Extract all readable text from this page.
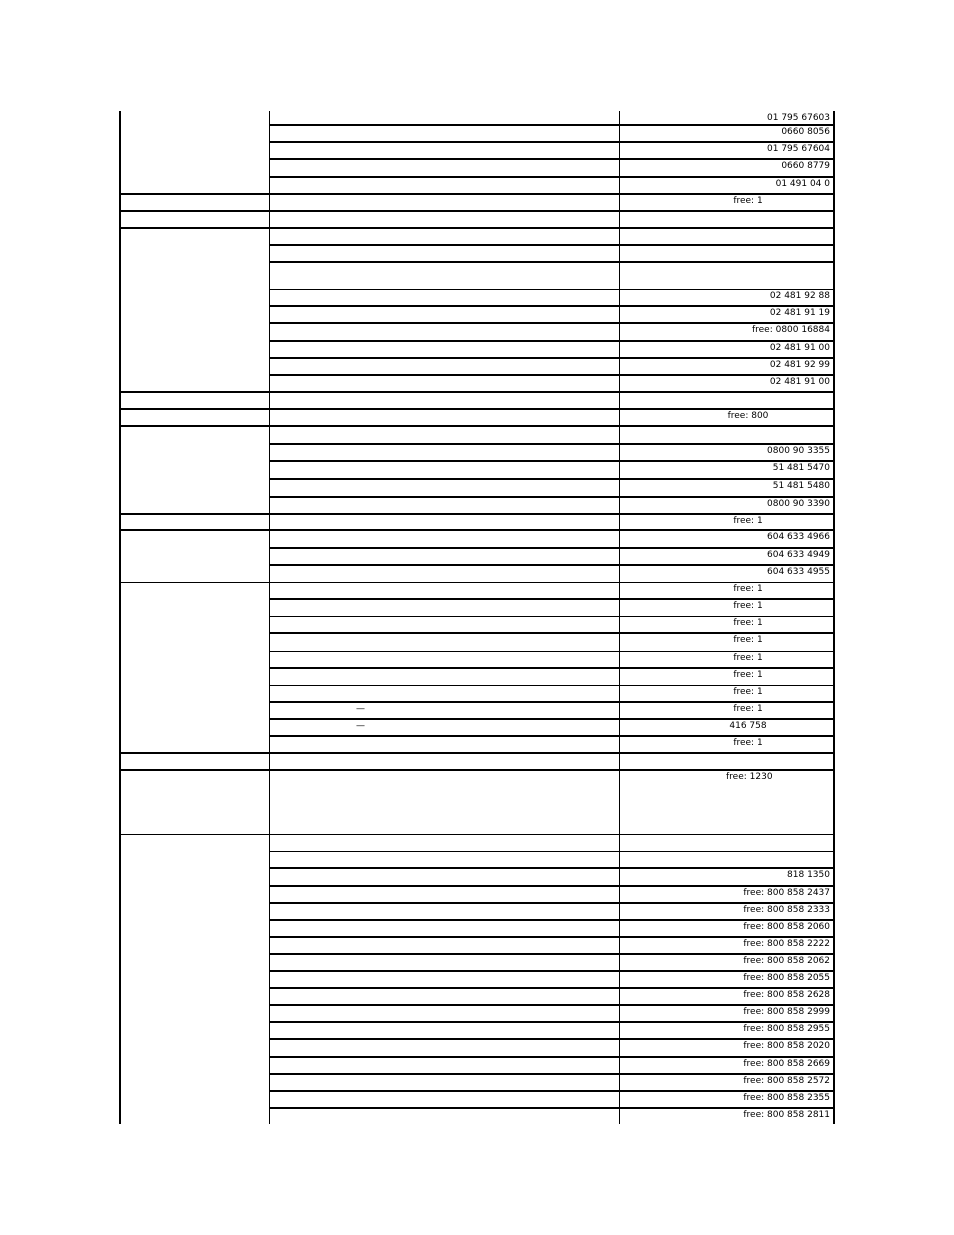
01 795 67603
0660 8056
01 795 67604
0660 8779
01 491 04 0
free: 1
02 481 92 88
02 481 91 19
free: 0800 16884
02 481 91 00
02 481 92 99
02 481 91 00
free: 800
0800 90 3355
51 481 5470
51 481 5480
0800 90 3390
free: 1
604 633 4966
604 633 4949
604 633 4955
free: 1
free: 1
free: 1
free: 1
free: 1
free: 1
free: 1
—	free: 1
—	416 758
free: 1
free: 1230
818 1350
free: 800 858 2437
free: 800 858 2333
free: 800 858 2060
free: 800 858 2222
free: 800 858 2062
free: 800 858 2055
free: 800 858 2628
free: 800 858 2999
free: 800 858 2955
free: 800 858 2020
free: 800 858 2669
free: 800 858 2572
free: 800 858 2355
free: 800 858 2811
